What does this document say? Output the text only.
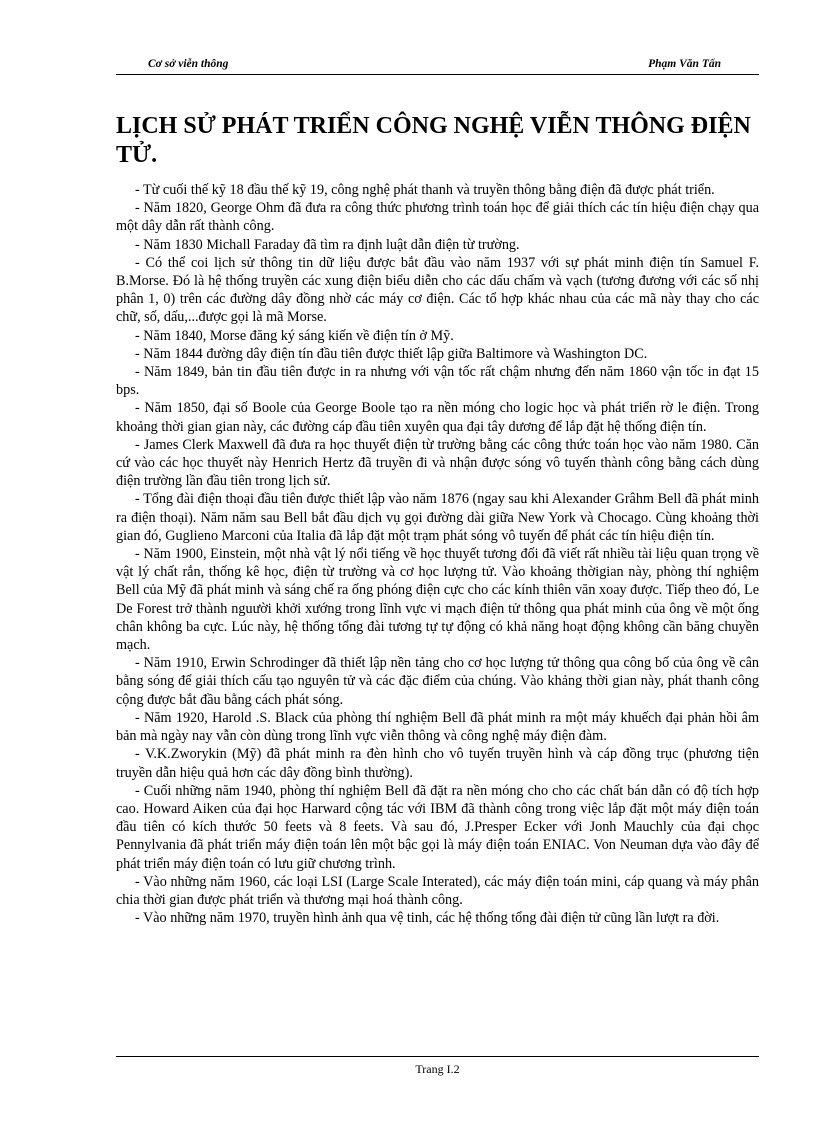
Cơ sở viễn thông	Phạm Văn Tấn
LỊCH SỬ PHÁT TRIỂN CÔNG NGHỆ VIỄN THÔNG ĐIỆN TỬ.

- Từ cuối thế kỹ 18 đầu thế kỹ 19, công nghệ phát thanh và truyền thông bằng điện đã được phát triển.

- Năm 1820, George Ohm đã đưa ra công thức phương trình toán học để giải thích các tín hiệu điện chạy qua một dây dẫn rất thành công.

- Năm 1830 Michall Faraday đã tìm ra định luật dẫn điện từ trường.

- Có thể coi lịch sử thông tin dữ liệu được bắt đầu vào năm 1937 với sự phát minh điện tín Samuel F. B.Morse. Đó là hệ thống truyền các xung điện biểu diễn cho các dấu chấm và vạch (tương đương với các số nhị phân 1, 0) trên các đường dây đồng nhờ các máy cơ điện. Các tổ hợp khác nhau của các mã này thay cho các chữ, số, dấu,...được gọi là mã Morse.

- Năm 1840, Morse đăng ký sáng kiến về điện tín ở Mỹ.

- Năm 1844 đường dây điện tín đầu tiên được thiết lập giữa Baltimore và Washington DC.

- Năm 1849, bản tin đầu tiên được in ra nhưng với vận tốc rất chậm nhưng đến năm 1860 vận tốc in đạt 15 bps.

- Năm 1850, đại số Boole của George Boole tạo ra nền móng cho logic học và phát triển rờ le điện. Trong khoảng thời gian gian này, các đường cáp đầu tiên xuyên qua đại tây dương để lắp đặt hệ thống điện tín.

- James Clerk Maxwell đã đưa ra học thuyết điện từ trường bằng các công thức toán học vào năm 1980. Căn cứ vào các học thuyết này Henrich Hertz đã truyền đi và nhận được sóng vô tuyến thành công bằng cách dùng điện trường lần đầu tiên trong lịch sử.

- Tổng đài điện thoại đầu tiên được thiết lập vào năm 1876 (ngay sau khi Alexander Grâhm Bell đã phát minh ra điện thoại). Năm năm sau Bell bắt đầu dịch vụ gọi đường dài giữa New York và Chocago. Cùng khoảng thời gian đó, Guglieno Marconi của Italia đã lắp đặt một trạm phát sóng vô tuyến để phát các tín hiệu điện tín.

- Năm 1900, Einstein, một nhà vật lý nổi tiếng về học thuyết tương đối đã viết rất nhiều tài liệu quan trọng về vật lý chất rắn, thống kê học, điện từ trường và cơ học lượng tử. Vào khoảng thờigian này, phòng thí nghiệm Bell của Mỹ đã phát minh và sáng chế ra ống phóng điện cực cho các kính thiên văn xoay được. Tiếp theo đó, Le De Forest trở thành nguười khởi xướng trong lĩnh vực vi mạch điện tử thông qua phát minh của ông về một ống chân không ba cực. Lúc này, hệ thống tổng đài tương tự tự động có khả năng hoạt động không cần băng chuyền mạch.

- Năm 1910, Erwin Schrodinger đã thiết lập nền tảng cho cơ học lượng tử thông qua công bố của ông về cân bằng sóng để giải thích cấu tạo nguyên tử và các đặc điểm của chúng. Vào khảng thời gian này, phát thanh công cộng được bắt đầu bằng cách phát sóng.

- Năm 1920, Harold .S. Black của phòng thí nghiệm Bell đã phát minh ra một máy khuếch đại phản hồi âm bản mà ngày nay vẫn còn dùng trong lĩnh vực viễn thông và công nghệ máy điện đàm.

- V.K.Zworykin (Mỹ) đã phát minh ra đèn hình cho vô tuyến truyền hình và cáp đồng trục (phương tiện truyền dẫn hiệu quả hơn các dây đồng bình thường).

- Cuối những năm 1940, phòng thí nghiệm Bell đã đặt ra nền móng cho cho các chất bán dẫn có độ tích hợp cao. Howard Aiken của đại học Harward cộng tác với IBM đã thành công trong việc lắp đặt một máy điện toán đầu tiên có kích thước 50 feets và 8 feets. Và sau đó, J.Presper Ecker với Jonh Mauchly của đại chọc Pennylvania đã phát triển máy điện toán lên một bậc gọi là máy điện toán ENIAC. Von Neuman dựa vào đây để phát triển máy điện toán có lưu giữ chương trình.

- Vào những năm 1960, các loại LSI (Large Scale Interated), các máy điện toán mini, cáp quang và máy phân chia thời gian được phát triển và thương mại hoá thành công.

- Vào những năm 1970, truyền hình ảnh qua vệ tinh, các hệ thống tổng đài điện tử cũng lần lượt ra đời.

Trang I.2
